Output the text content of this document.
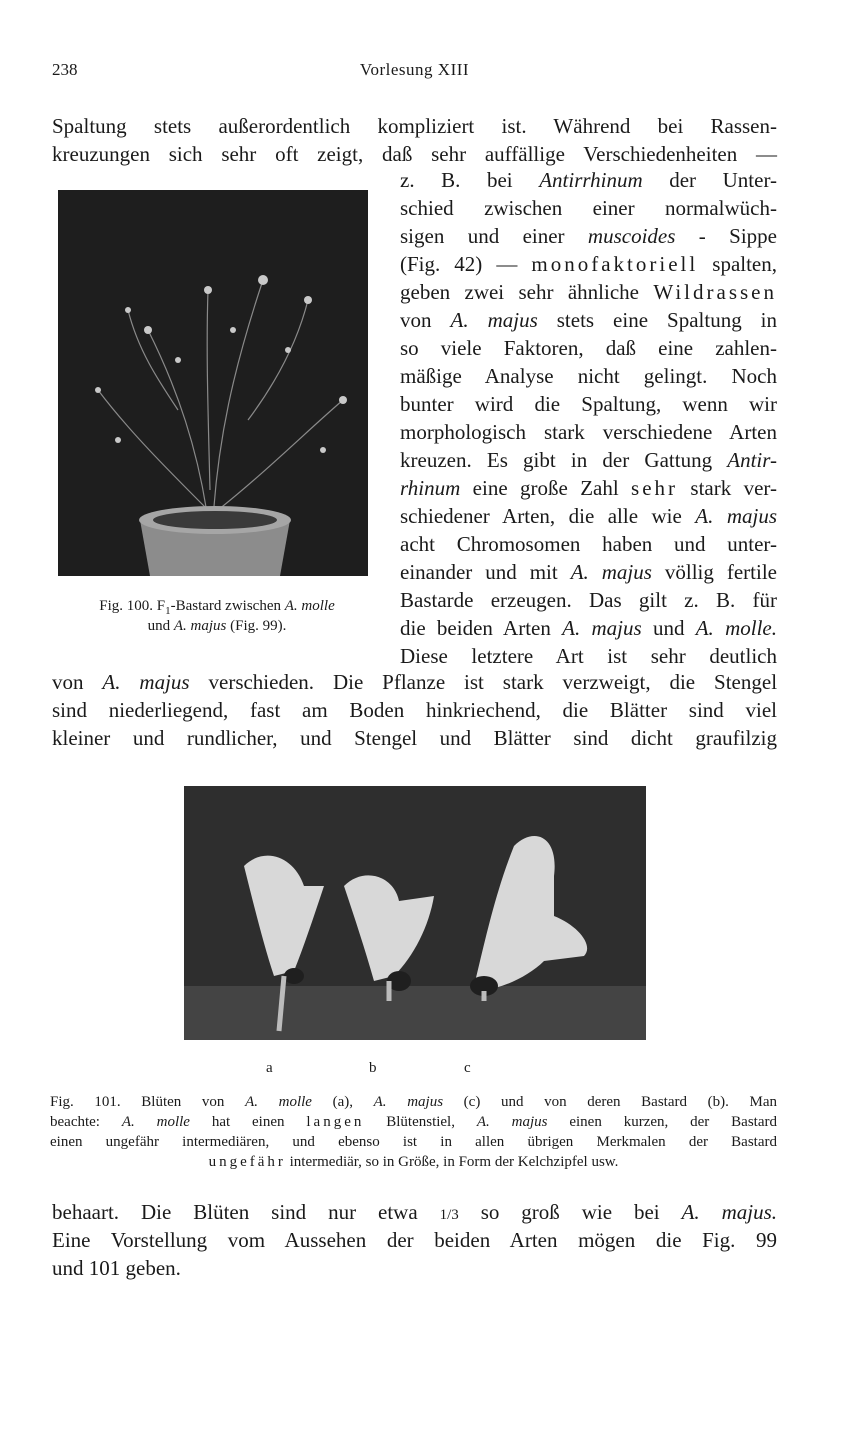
238	Vorlesung XIII
Spaltung stets außerordentlich kompliziert ist. Während bei Rassen-
kreuzungen sich sehr oft zeigt, daß sehr auffällige Verschiedenheiten —
Fig. 100. $F_1$-Bastard zwischen A. molle
und A. majus (Fig. 99).
z. B. bei Antirrhinum der Unter-
schied zwischen einer normalwüch-
sigen und einer muscoides - Sippe
(Fig. 42) — monofaktoriell spalten,
geben zwei sehr ähnliche Wildrassen
von A. majus stets eine Spaltung in
so viele Faktoren, daß eine zahlen-
mäßige Analyse nicht gelingt. Noch
bunter wird die Spaltung, wenn wir
morphologisch stark verschiedene Arten
kreuzen. Es gibt in der Gattung Antir-
rhinum eine große Zahl sehr stark ver-
schiedener Arten, die alle wie A. majus
acht Chromosomen haben und unter-
einander und mit A. majus völlig fertile
Bastarde erzeugen. Das gilt z. B. für
die beiden Arten A. majus und A. molle.
Diese letztere Art ist sehr deutlich
von A. majus verschieden. Die Pflanze ist stark verzweigt, die Stengel
sind niederliegend, fast am Boden hinkriechend, die Blätter sind viel
kleiner und rundlicher, und Stengel und Blätter sind dicht graufilzig
a	b	c
Fig. 101. Blüten von A. molle (a), A. majus (c) und von deren Bastard (b). Man
beachte: A. molle hat einen langen Blütenstiel, A. majus einen kurzen, der Bastard
einen ungefähr intermediären, und ebenso ist in allen übrigen Merkmalen der Bastard
ungefähr intermediär, so in Größe, in Form der Kelchzipfel usw.
behaart. Die Blüten sind nur etwa 1/3 so groß wie bei A. majus.
Eine Vorstellung vom Aussehen der beiden Arten mögen die Fig. 99
und 101 geben.
